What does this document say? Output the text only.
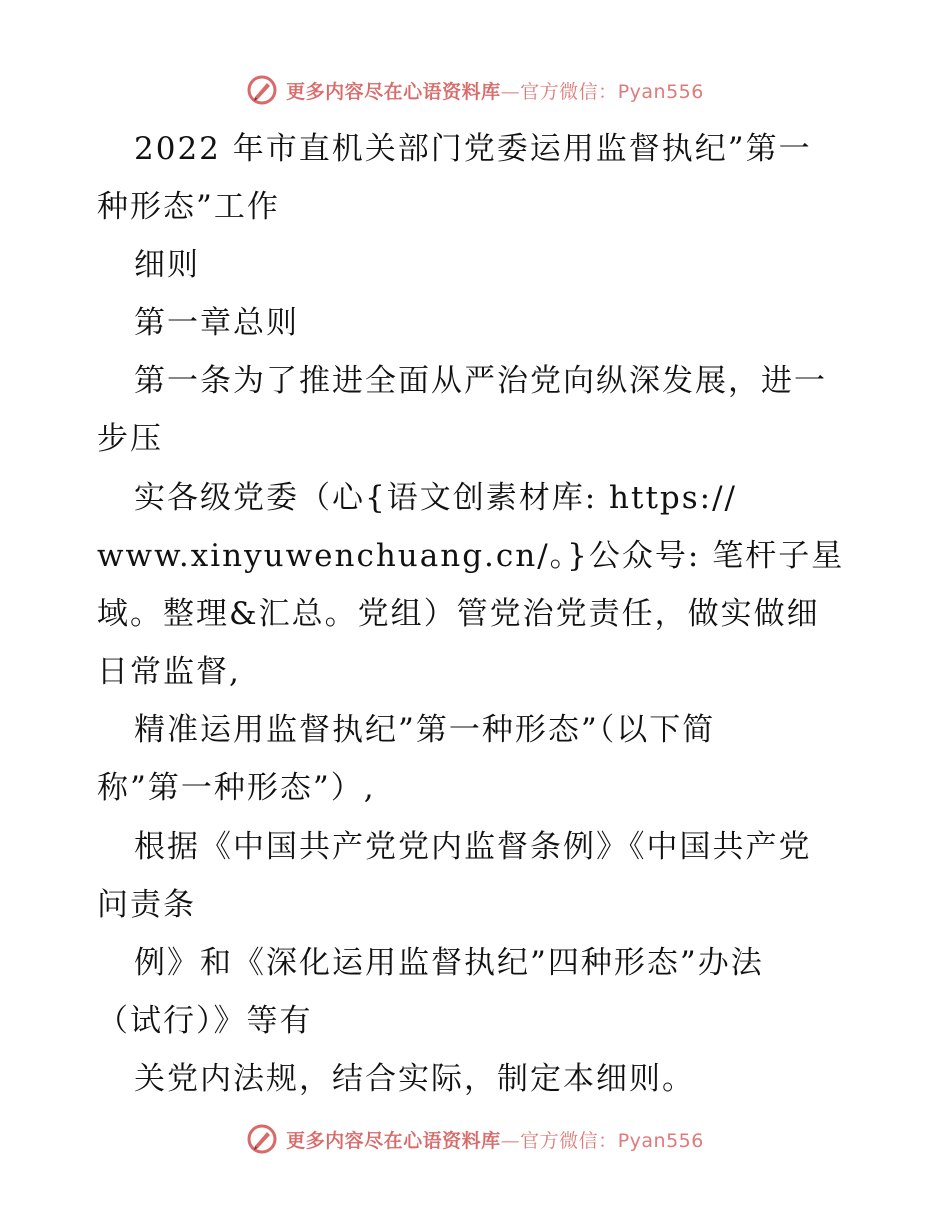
更多内容尽在心语资料库—官方微信：Pyan556
2022 年市直机关部门党委运用监督执纪”第一
种形态”工作
细则
第一章总则
第一条为了推进全面从严治党向纵深发展，进一
步压
实各级党委（心{语文创素材库: https://
www.xinyuwenchuang.cn/。}公众号: 笔杆子星
域。整理&汇总。党组）管党治党责任，做实做细
日常监督,
精准运用监督执纪”第一种形态”（以下简
称”第一种形态”）,
根据《中国共产党党内监督条例》《中国共产党
问责条
例》和《深化运用监督执纪”四种形态”办法
（试行）》等有
关党内法规，结合实际，制定本细则。
更多内容尽在心语资料库—官方微信：Pyan556
